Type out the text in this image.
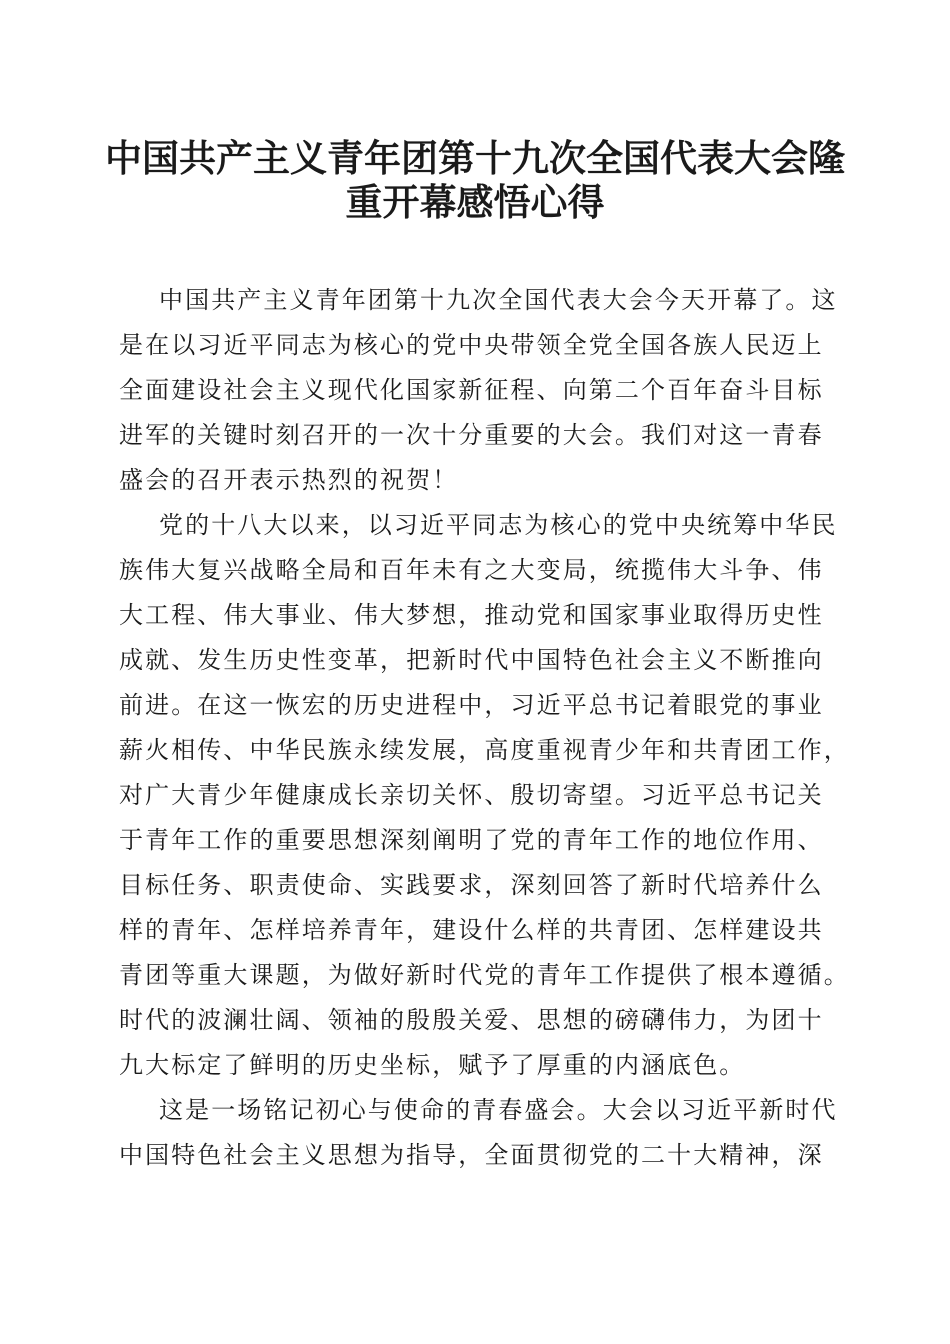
中国共产主义青年团第十九次全国代表大会隆
重开幕感悟心得
中国共产主义青年团第十九次全国代表大会今天开幕了。这
是在以习近平同志为核心的党中央带领全党全国各族人民迈上
全面建设社会主义现代化国家新征程、向第二个百年奋斗目标
进军的关键时刻召开的一次十分重要的大会。我们对这一青春
盛会的召开表示热烈的祝贺！
党的十八大以来，以习近平同志为核心的党中央统筹中华民
族伟大复兴战略全局和百年未有之大变局，统揽伟大斗争、伟
大工程、伟大事业、伟大梦想，推动党和国家事业取得历史性
成就、发生历史性变革，把新时代中国特色社会主义不断推向
前进。在这一恢宏的历史进程中，习近平总书记着眼党的事业
薪火相传、中华民族永续发展，高度重视青少年和共青团工作，
对广大青少年健康成长亲切关怀、殷切寄望。习近平总书记关
于青年工作的重要思想深刻阐明了党的青年工作的地位作用、
目标任务、职责使命、实践要求，深刻回答了新时代培养什么
样的青年、怎样培养青年，建设什么样的共青团、怎样建设共
青团等重大课题，为做好新时代党的青年工作提供了根本遵循。
时代的波澜壮阔、领袖的殷殷关爱、思想的磅礴伟力，为团十
九大标定了鲜明的历史坐标，赋予了厚重的内涵底色。
这是一场铭记初心与使命的青春盛会。大会以习近平新时代
中国特色社会主义思想为指导，全面贯彻党的二十大精神，深
